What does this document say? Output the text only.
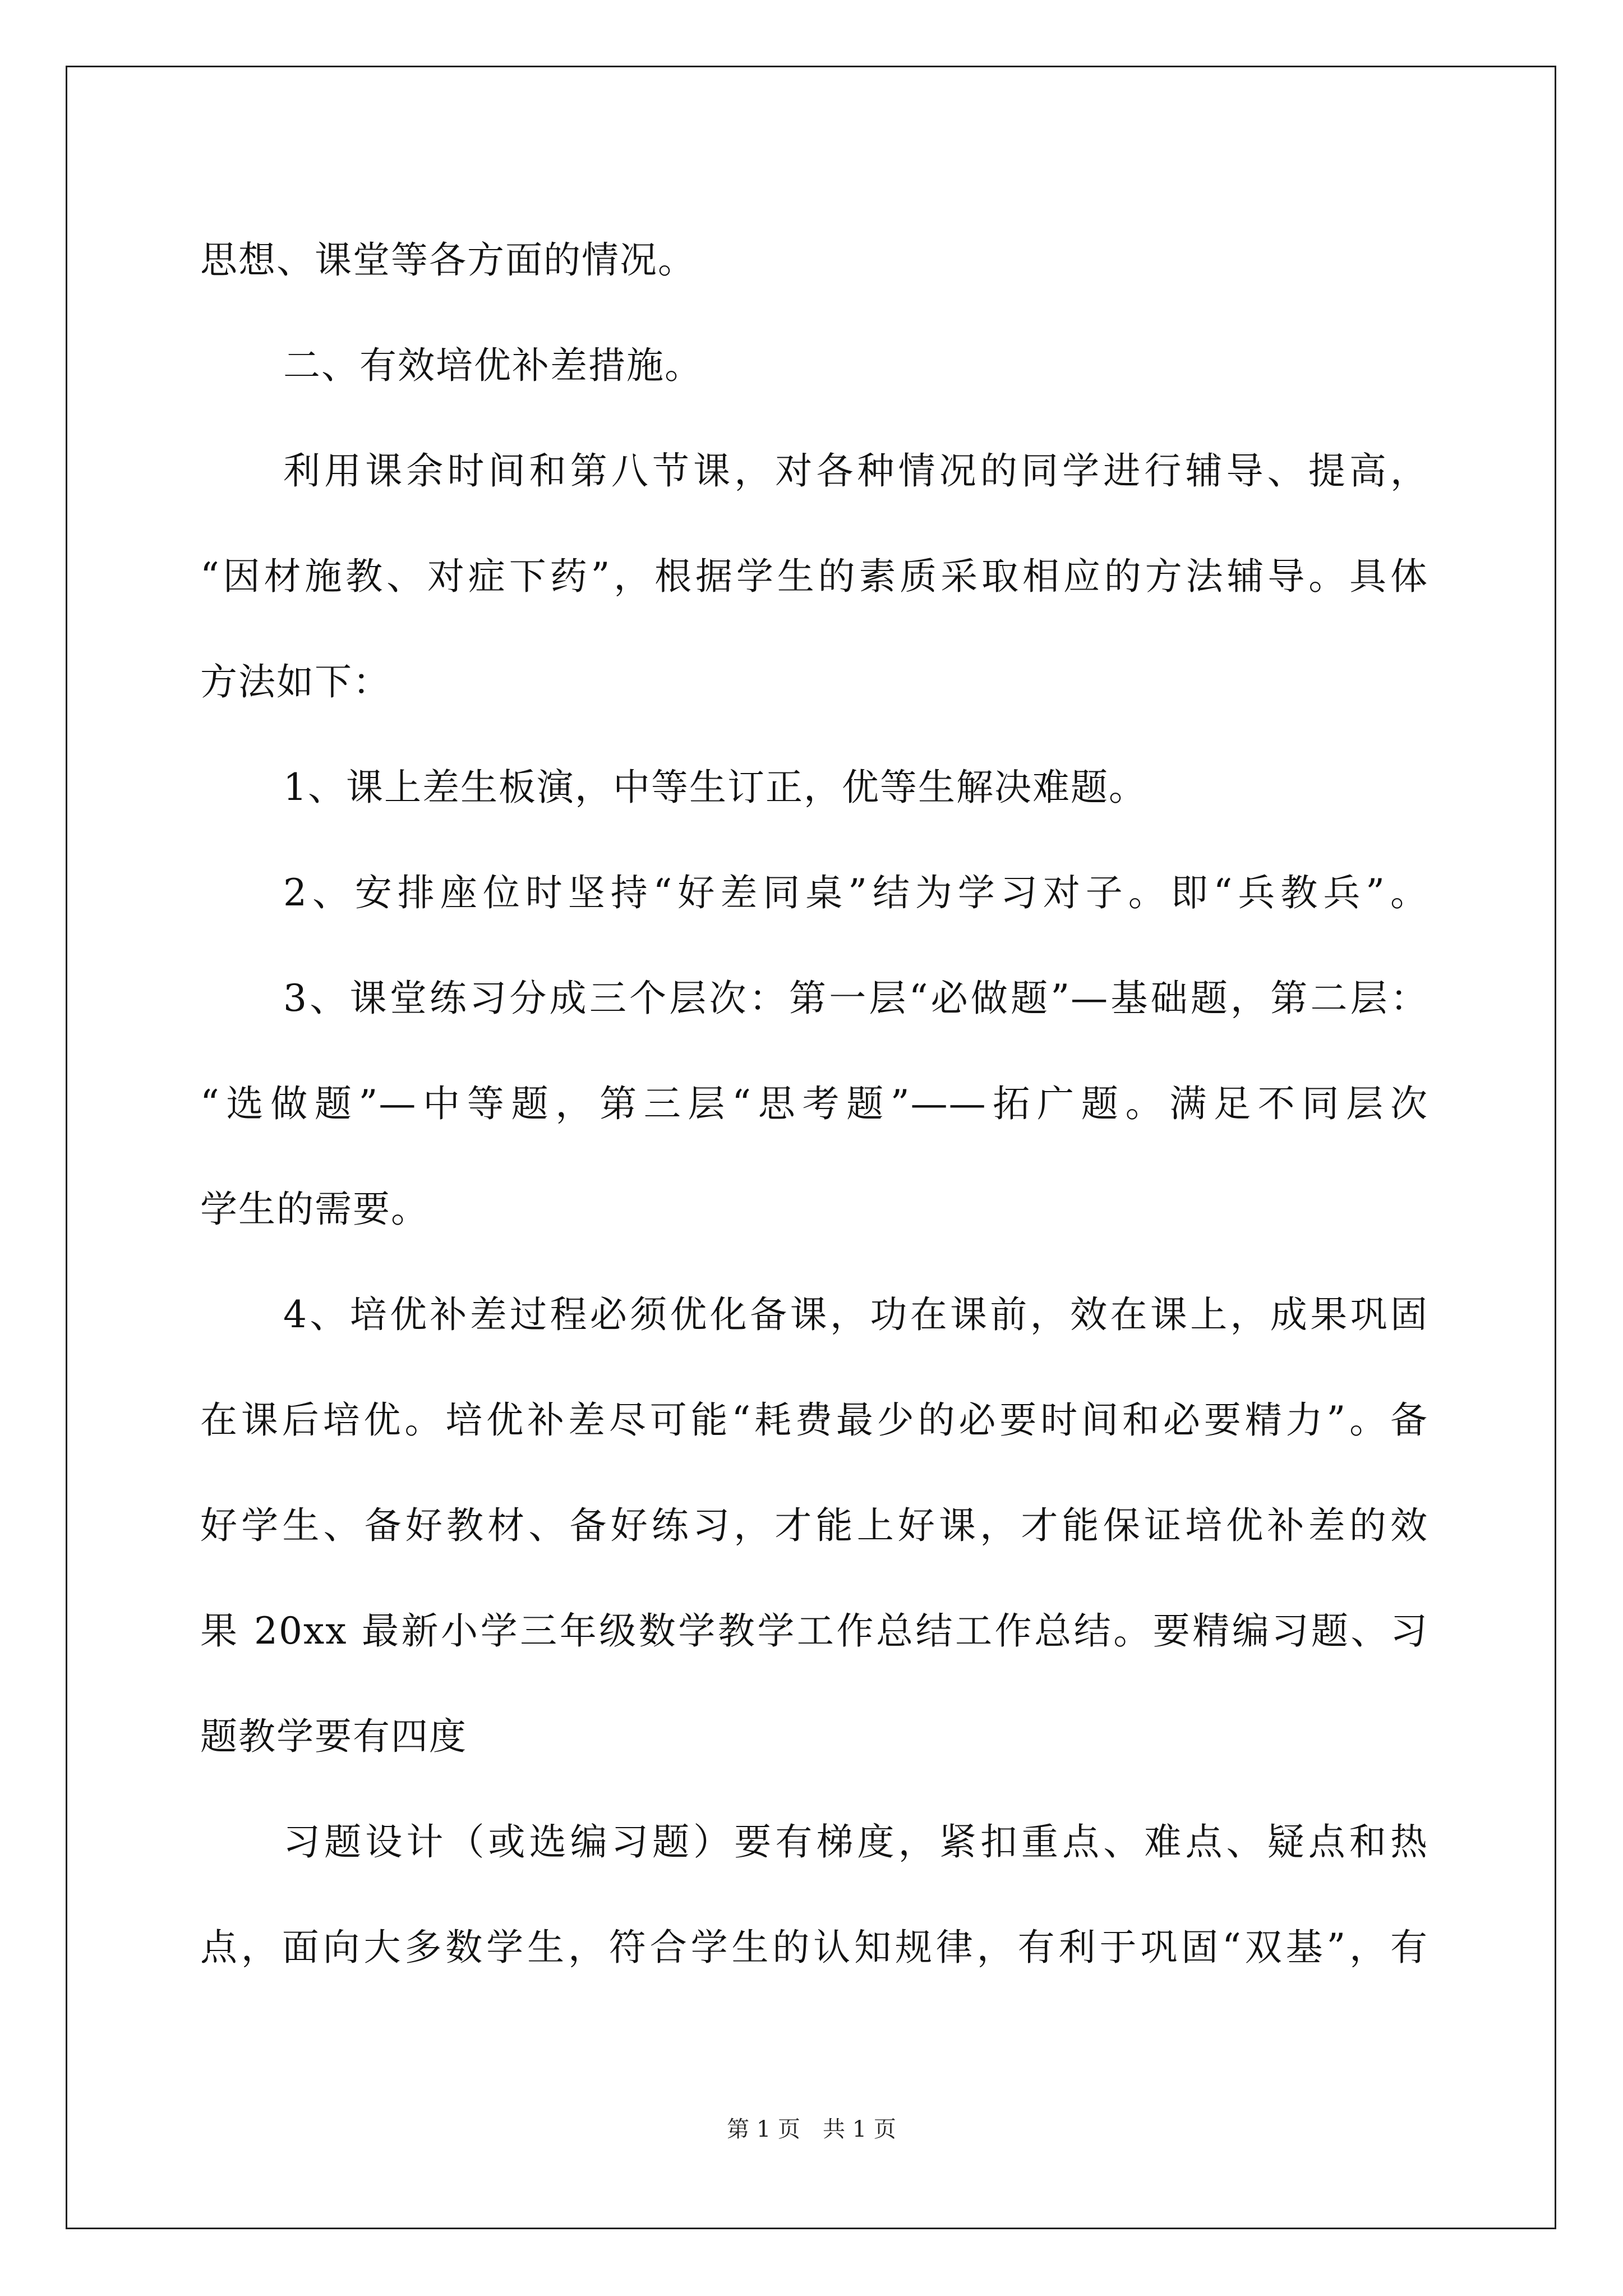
思想、课堂等各方面的情况。
二、有效培优补差措施。
利用课余时间和第八节课，对各种情况的同学进行辅导、提高，
“因材施教、对症下药”，根据学生的素质采取相应的方法辅导。具体
方法如下：
1、课上差生板演，中等生订正，优等生解决难题。
2、安排座位时坚持“好差同桌”结为学习对子。即“兵教兵”。
3、课堂练习分成三个层次：第一层“必做题”—基础题，第二层：
“选做题”—中等题，第三层“思考题”——拓广题。满足不同层次
学生的需要。
4、培优补差过程必须优化备课，功在课前，效在课上，成果巩固
在课后培优。培优补差尽可能“耗费最少的必要时间和必要精力”。备
好学生、备好教材、备好练习，才能上好课，才能保证培优补差的效
果 20xx 最新小学三年级数学教学工作总结工作总结。要精编习题、习
题教学要有四度
习题设计（或选编习题）要有梯度，紧扣重点、难点、疑点和热
点，面向大多数学生，符合学生的认知规律，有利于巩固“双基”，有
第 1 页　共 1 页
